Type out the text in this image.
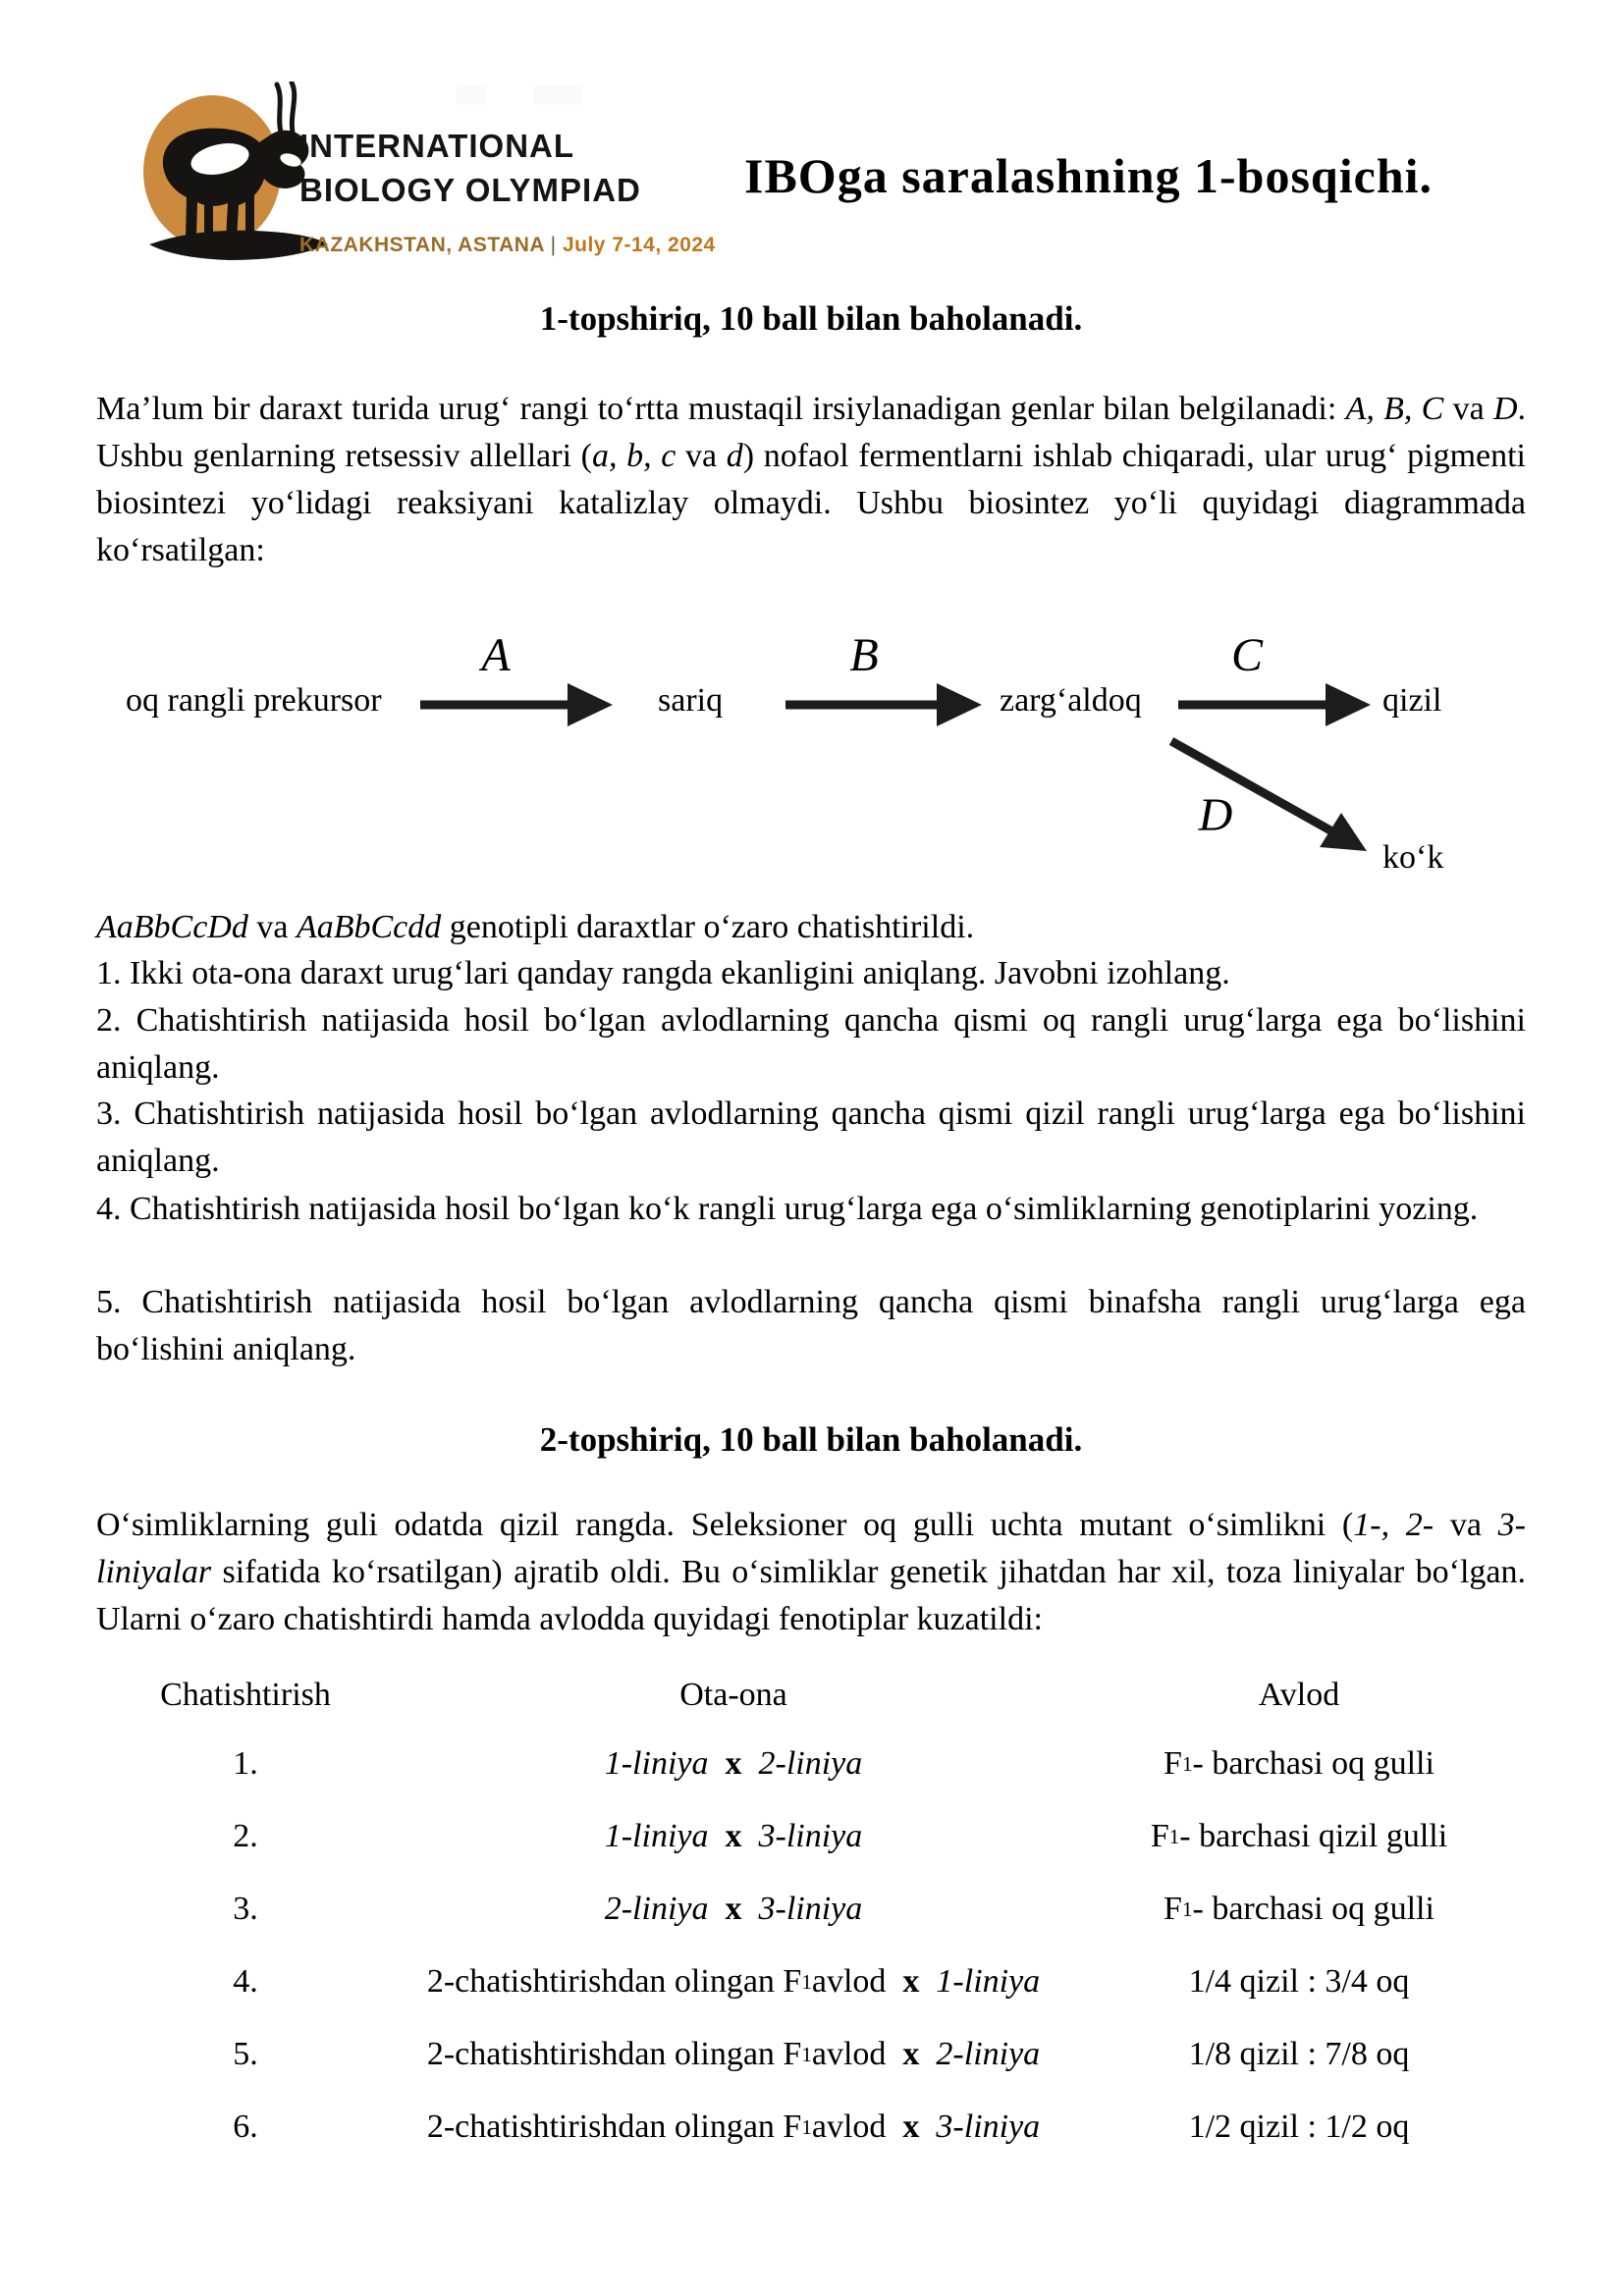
INTERNATIONAL
BIOLOGY OLYMPIAD
KAZAKHSTAN, ASTANA | July 7-14, 2024
IBOga saralashning 1-bosqichi.
1-topshiriq, 10 ball bilan baholanadi.
Maʼlum bir daraxt turida urugʻ rangi toʻrtta mustaqil irsiylanadigan genlar bilan belgilanadi: A, B, C va D. Ushbu genlarning retsessiv allellari (a, b, c va d) nofaol fermentlarni ishlab chiqaradi, ular urugʻ pigmenti biosintezi yoʻlidagi reaksiyani katalizlay olmaydi. Ushbu biosintez yoʻli quyidagi diagrammada koʻrsatilgan:
A	B	C
D
oq rangli prekursor	sariq	zargʻaldoq	qizil
koʻk
AaBbCcDd va AaBbCcdd genotipli daraxtlar oʻzaro chatishtirildi.
1. Ikki ota-ona daraxt urugʻlari qanday rangda ekanligini aniqlang. Javobni izohlang.
2. Chatishtirish natijasida hosil boʻlgan avlodlarning qancha qismi oq rangli urugʻlarga ega boʻlishini aniqlang.
3. Chatishtirish natijasida hosil boʻlgan avlodlarning qancha qismi qizil rangli urugʻlarga ega boʻlishini aniqlang.
4. Chatishtirish natijasida hosil boʻlgan koʻk rangli urugʻlarga ega oʻsimliklarning genotiplarini yozing.
5. Chatishtirish natijasida hosil boʻlgan avlodlarning qancha qismi binafsha rangli urugʻlarga ega boʻlishini aniqlang.
2-topshiriq, 10 ball bilan baholanadi.
Oʻsimliklarning guli odatda qizil rangda. Seleksioner oq gulli uchta mutant oʻsimlikni (1-, 2- va 3-liniyalar sifatida koʻrsatilgan) ajratib oldi. Bu oʻsimliklar genetik jihatdan har xil, toza liniyalar boʻlgan. Ularni oʻzaro chatishtirdi hamda avlodda quyidagi fenotiplar kuzatildi:
Chatishtirish	Ota-ona	Avlod
1.	1-liniya x 2-liniya	F 1 - barchasi oq gulli
2.	1-liniya x 3-liniya	F 1 - barchasi qizil gulli
3.	2-liniya x 3-liniya	F 1 - barchasi oq gulli
4.	2-chatishtirishdan olingan F 1 avlod x 1-liniya	1/4 qizil : 3/4 oq
5.	2-chatishtirishdan olingan F 1 avlod x 2-liniya	1/8 qizil : 7/8 oq
6.	2-chatishtirishdan olingan F 1 avlod x 3-liniya	1/2 qizil : 1/2 oq
